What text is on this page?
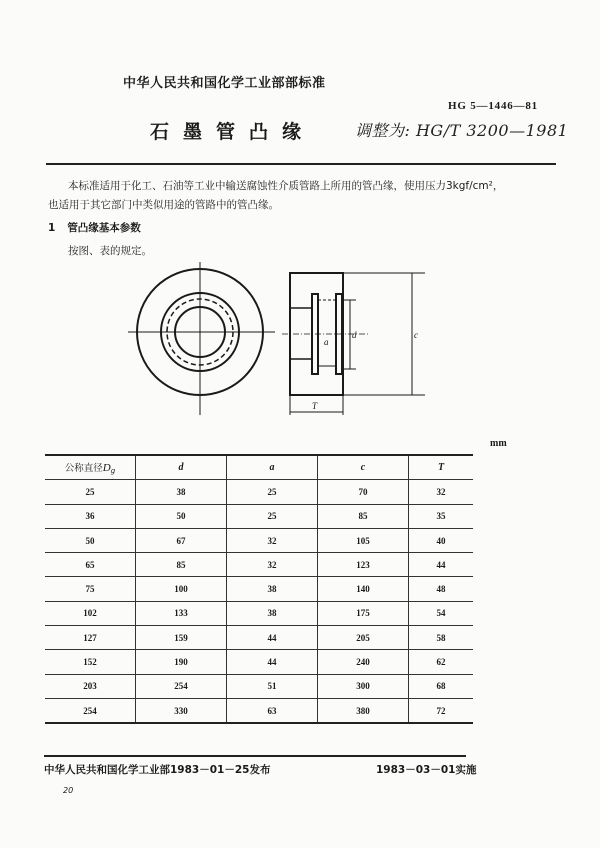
中华人民共和国化学工业部部标准
HG 5—1446—81
石墨管凸缘 调整为: HG/T 3200—1981
本标准适用于化工、石油等工业中输送腐蚀性介质管路上所用的管凸缘，使用压力3kgf/cm²，
也适用于其它部门中类似用途的管路中的管凸缘。
1 管凸缘基本参数
按图、表的规定。
d	c
a
T
mm
公称直径$D_g$	d	a	c	T
25	38	25	70	32
36	50	25	85	35
50	67	32	105	40
65	85	32	123	44
75	100	38	140	48
102	133	38	175	54
127	159	44	205	58
152	190	44	240	62
203	254	51	300	68
254	330	63	380	72
中华人民共和国化学工业部1983－01－25发布	1983－03－01实施
20
